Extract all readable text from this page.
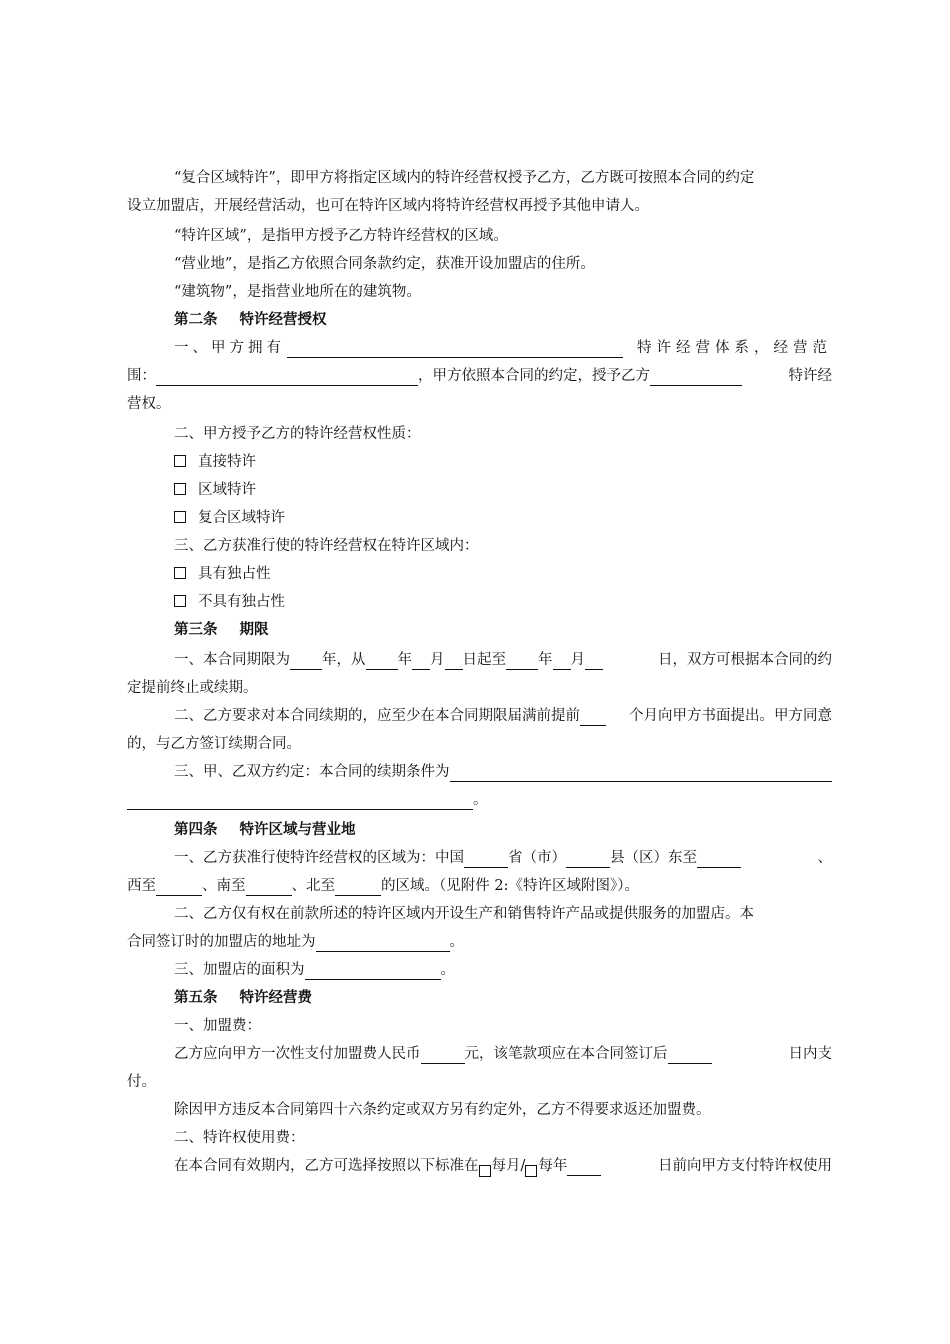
“复合区域特许”，即甲方将指定区域内的特许经营权授予乙方，乙方既可按照本合同的约定
设立加盟店，开展经营活动，也可在特许区域内将特许经营权再授予其他申请人。
“特许区域”，是指甲方授予乙方特许经营权的区域。
“营业地”，是指乙方依照合同条款约定，获准开设加盟店的住所。
“建筑物”，是指营业地所在的建筑物。
第二条 特许经营授权
一、甲方拥有	特许经营体系，经营范
围：	，甲方依照本合同的约定，授予乙方	特许经
营权。
二、甲方授予乙方的特许经营权性质：
直接特许
区域特许
复合区域特许
三、乙方获准行使的特许经营权在特许区域内：
具有独占性
不具有独占性
第三条 期限
一、本合同期限为 年，从 年 月 日起至 年 月	日，双方可根据本合同的约
定提前终止或续期。
二、乙方要求对本合同续期的，应至少在本合同期限届满前提前	个月向甲方书面提出。甲方同意
的，与乙方签订续期合同。
三、甲、乙双方约定：本合同的续期条件为
。
第四条 特许区域与营业地
一、乙方获准行使特许经营权的区域为：中国	省（市）	县（区）东至	、
西至	、南至	、北至	的区域。（见附件 2:《特许区域附图》）。
二、乙方仅有权在前款所述的特许区域内开设生产和销售特许产品或提供服务的加盟店。本
合同签订时的加盟店的地址为	。
三、加盟店的面积为	。
第五条 特许经营费
一、加盟费：
乙方应向甲方一次性支付加盟费人民币	元，该笔款项应在本合同签订后	日内支
付。
除因甲方违反本合同第四十六条约定或双方另有约定外，乙方不得要求返还加盟费。
二、特许权使用费：
在本合同有效期内，乙方可选择按照以下标准在 每月/ 每年	日前向甲方支付特许权使用
